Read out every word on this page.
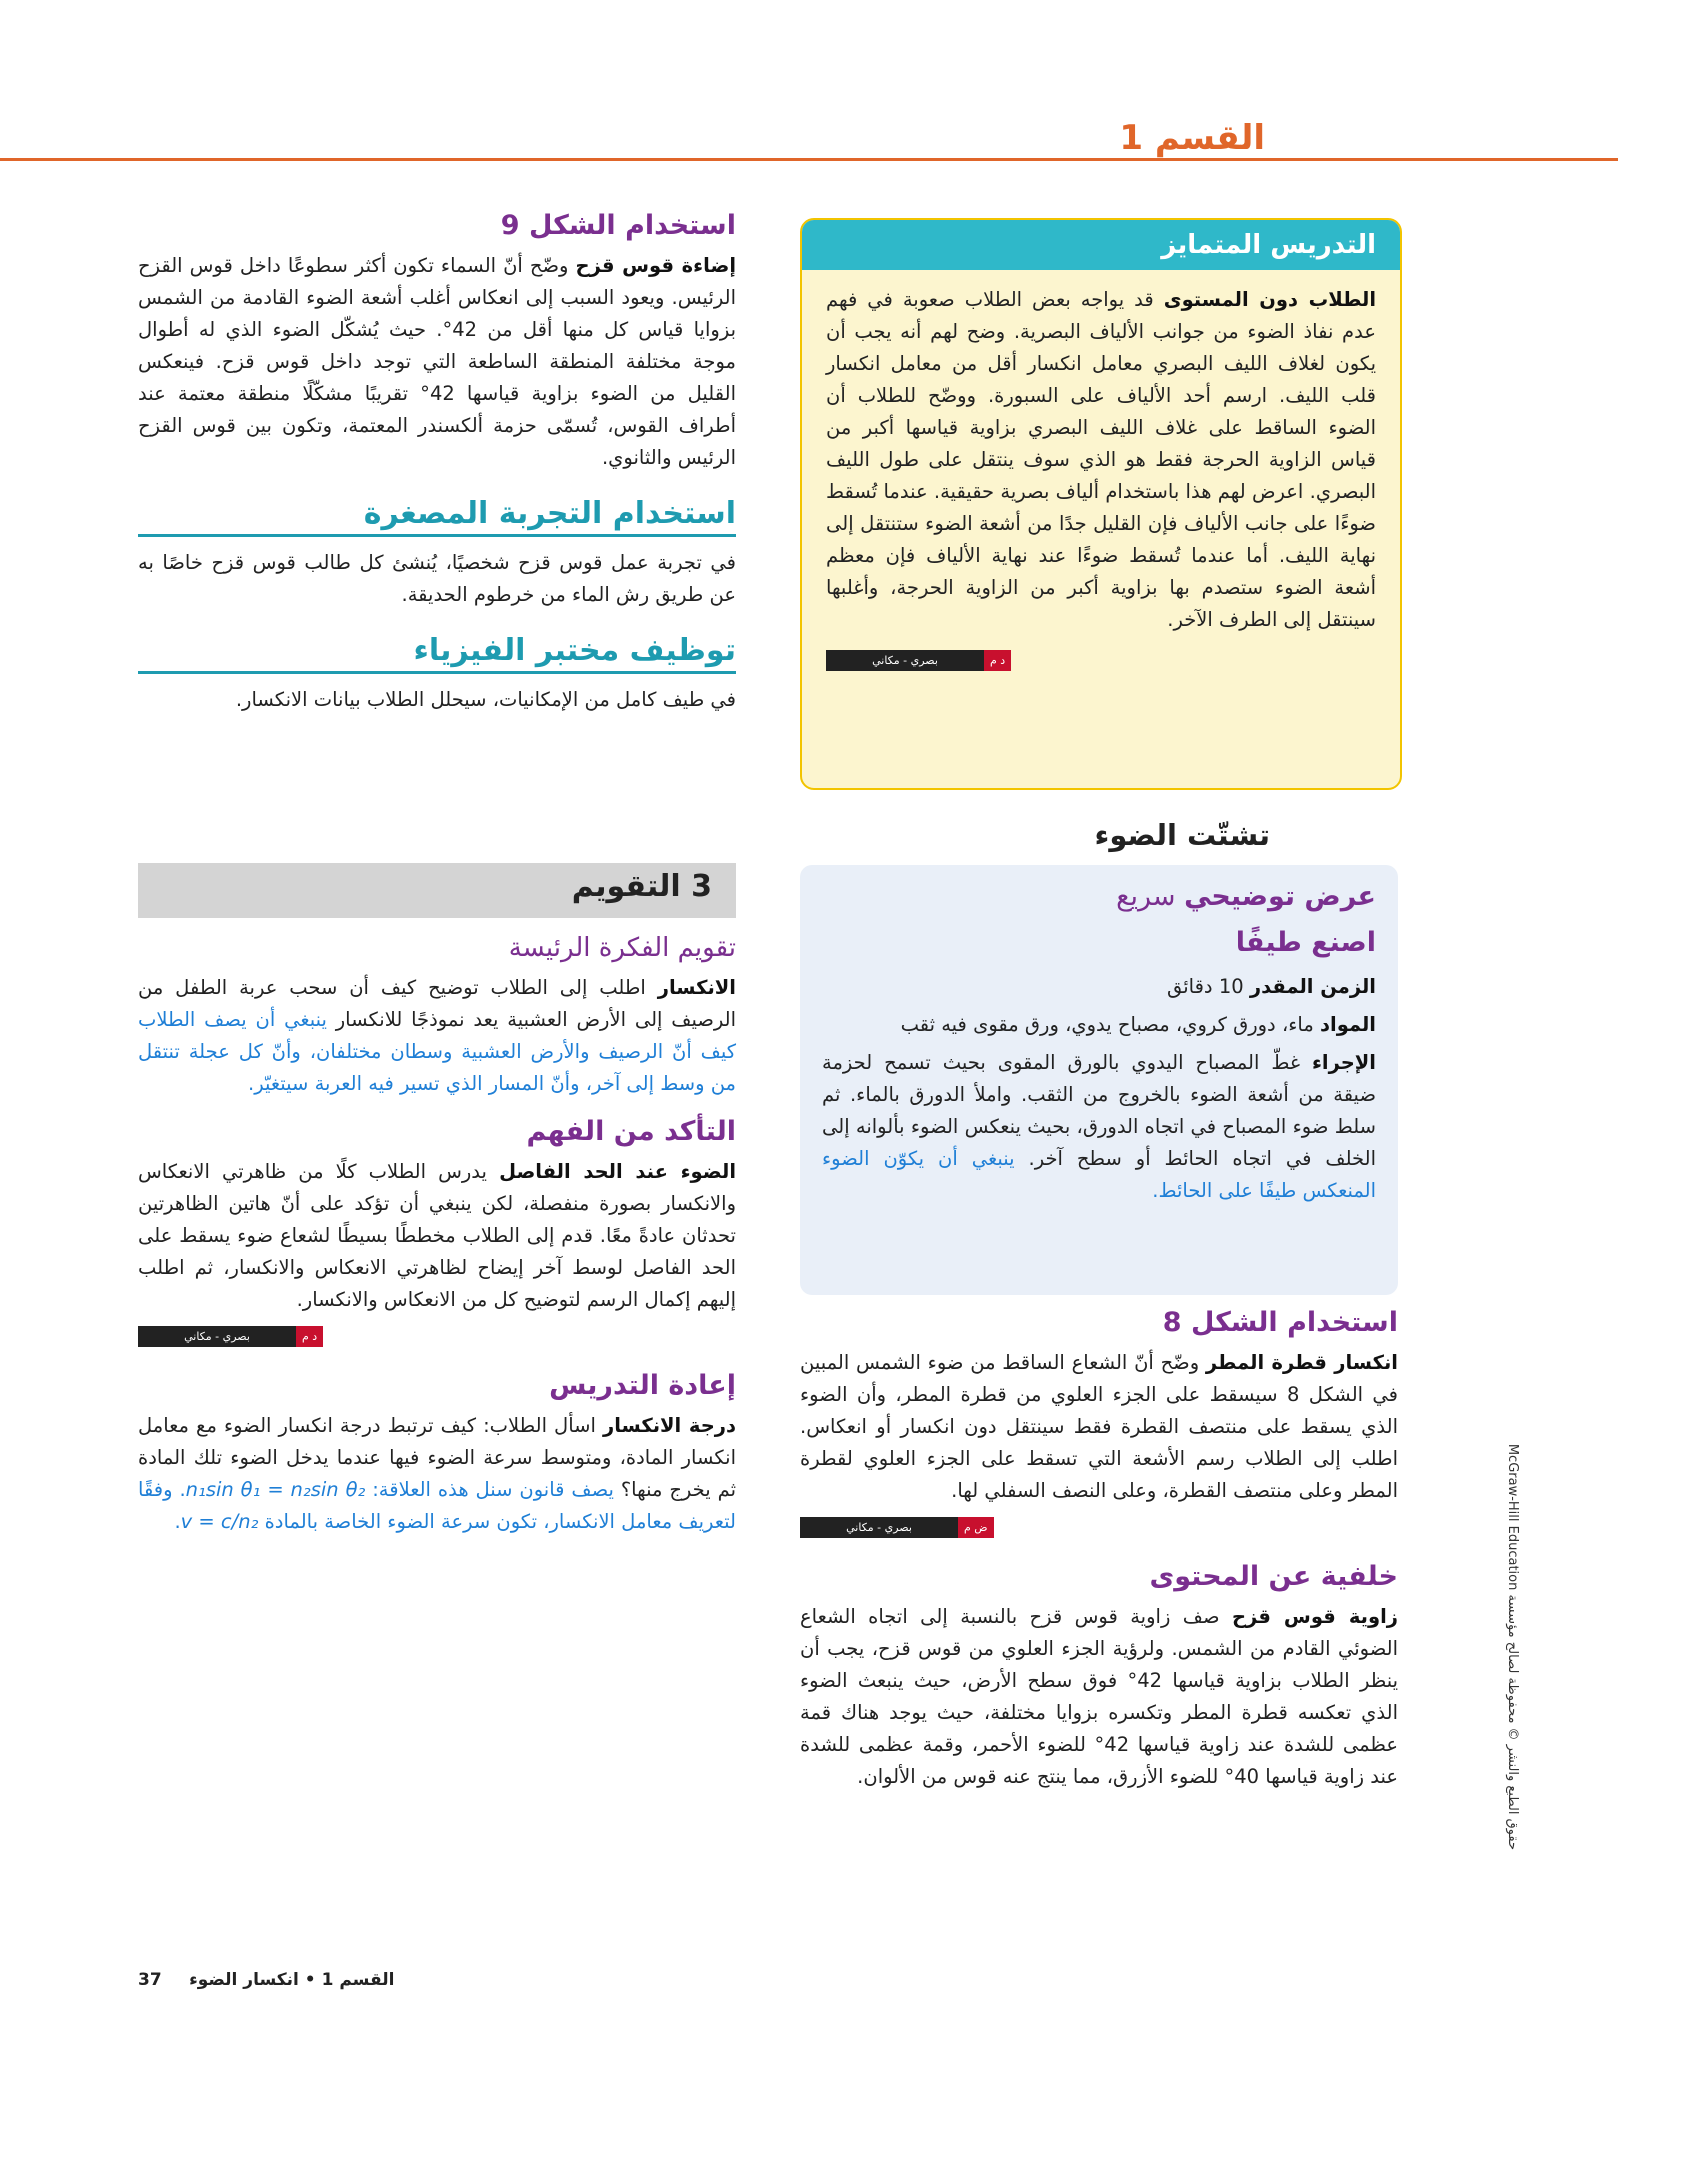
القسم 1
التدريس المتمايز

الطلاب دون المستوى قد يواجه بعض الطلاب صعوبة في فهم عدم نفاذ الضوء من جوانب الألياف البصرية. وضح لهم أنه يجب أن يكون لغلاف الليف البصري معامل انكسار أقل من معامل انكسار قلب الليف. ارسم أحد الألياف على السبورة. ووضّح للطلاب أن الضوء الساقط على غلاف الليف البصري بزاوية قياسها أكبر من قياس الزاوية الحرجة فقط هو الذي سوف ينتقل على طول الليف البصري. اعرض لهم هذا باستخدام ألياف بصرية حقيقية. عندما تُسقط ضوءًا على جانب الألياف فإن القليل جدًا من أشعة الضوء ستنتقل إلى نهاية الليف. أما عندما تُسقط ضوءًا عند نهاية الألياف فإن معظم أشعة الضوء ستصدم بها بزاوية أكبر من الزاوية الحرجة، وأغلبها سينتقل إلى الطرف الآخر.

د م
بصري - مكاني
تشتّت الضوء
عرض توضيحي سريع
اصنع طيفًا

الزمن المقدر 10 دقائق

المواد ماء، دورق كروي، مصباح يدوي، ورق مقوى فيه ثقب

الإجراء غطّ المصباح اليدوي بالورق المقوى بحيث تسمح لحزمة ضيقة من أشعة الضوء بالخروج من الثقب. واملأ الدورق بالماء. ثم سلط ضوء المصباح في اتجاه الدورق، بحيث ينعكس الضوء بألوانه إلى الخلف في اتجاه الحائط أو سطح آخر. ينبغي أن يكوّن الضوء المنعكس طيفًا على الحائط.

استخدام الشكل 8

انكسار قطرة المطر وضّح أنّ الشعاع الساقط من ضوء الشمس المبين في الشكل 8 سيسقط على الجزء العلوي من قطرة المطر، وأن الضوء الذي يسقط على منتصف القطرة فقط سينتقل دون انكسار أو انعكاس. اطلب إلى الطلاب رسم الأشعة التي تسقط على الجزء العلوي لقطرة المطر وعلى منتصف القطرة، وعلى النصف السفلي لها.

ض م
بصري - مكاني
خلفية عن المحتوى

زاوية قوس قزح صف زاوية قوس قزح بالنسبة إلى اتجاه الشعاع الضوئي القادم من الشمس. ولرؤية الجزء العلوي من قوس قزح، يجب أن ينظر الطلاب بزاوية قياسها 42° فوق سطح الأرض، حيث ينبعث الضوء الذي تعكسه قطرة المطر وتكسره بزوايا مختلفة، حيث يوجد هناك قمة عظمى للشدة عند زاوية قياسها 42° للضوء الأحمر، وقمة عظمى للشدة عند زاوية قياسها 40° للضوء الأزرق، مما ينتج عنه قوس من الألوان.

استخدام الشكل 9

إضاءة قوس قزح وضّح أنّ السماء تكون أكثر سطوعًا داخل قوس القزح الرئيس. ويعود السبب إلى انعكاس أغلب أشعة الضوء القادمة من الشمس بزوايا قياس كل منها أقل من 42°. حيث يُشكّل الضوء الذي له أطوال موجة مختلفة المنطقة الساطعة التي توجد داخل قوس قزح. فينعكس القليل من الضوء بزاوية قياسها 42° تقريبًا مشكّلًا منطقة معتمة عند أطراف القوس، تُسمّى حزمة ألكسندر المعتمة، وتكون بين قوس القزح الرئيس والثانوي.

استخدام التجربة المصغرة

في تجربة عمل قوس قزح شخصيًا، يُنشئ كل طالب قوس قزح خاصًا به عن طريق رش الماء من خرطوم الحديقة.

توظيف مختبر الفيزياء

في طيف كامل من الإمكانيات، سيحلل الطلاب بيانات الانكسار.

3 التقويم
تقويم الفكرة الرئيسة

الانكسار اطلب إلى الطلاب توضيح كيف أن سحب عربة الطفل من الرصيف إلى الأرض العشبية يعد نموذجًا للانكسار ينبغي أن يصف الطلاب كيف أنّ الرصيف والأرض العشبية وسطان مختلفان، وأنّ كل عجلة تنتقل من وسط إلى آخر، وأنّ المسار الذي تسير فيه العربة سيتغيّر.

التأكد من الفهم

الضوء عند الحد الفاصل يدرس الطلاب كلًا من ظاهرتي الانعكاس والانكسار بصورة منفصلة، لكن ينبغي أن تؤكد على أنّ هاتين الظاهرتين تحدثان عادةً معًا. قدم إلى الطلاب مخططًا بسيطًا لشعاع ضوء يسقط على الحد الفاصل لوسط آخر إيضاح لظاهرتي الانعكاس والانكسار، ثم اطلب إليهم إكمال الرسم لتوضيح كل من الانعكاس والانكسار.

د م
بصري - مكاني
إعادة التدريس

درجة الانكسار اسأل الطلاب: كيف ترتبط درجة انكسار الضوء مع معامل انكسار المادة، ومتوسط سرعة الضوء فيها عندما يدخل الضوء تلك المادة ثم يخرج منها؟ يصف قانون سنل هذه العلاقة: n₁sin θ₁ = n₂sin θ₂. وفقًا لتعريف معامل الانكسار، تكون سرعة الضوء الخاصة بالمادة v = c/n₂.	حقوق الطبع والنشر © محفوظة لصالح مؤسسة McGraw-Hill Education
القسم 1 • انكسار الضوء 37
